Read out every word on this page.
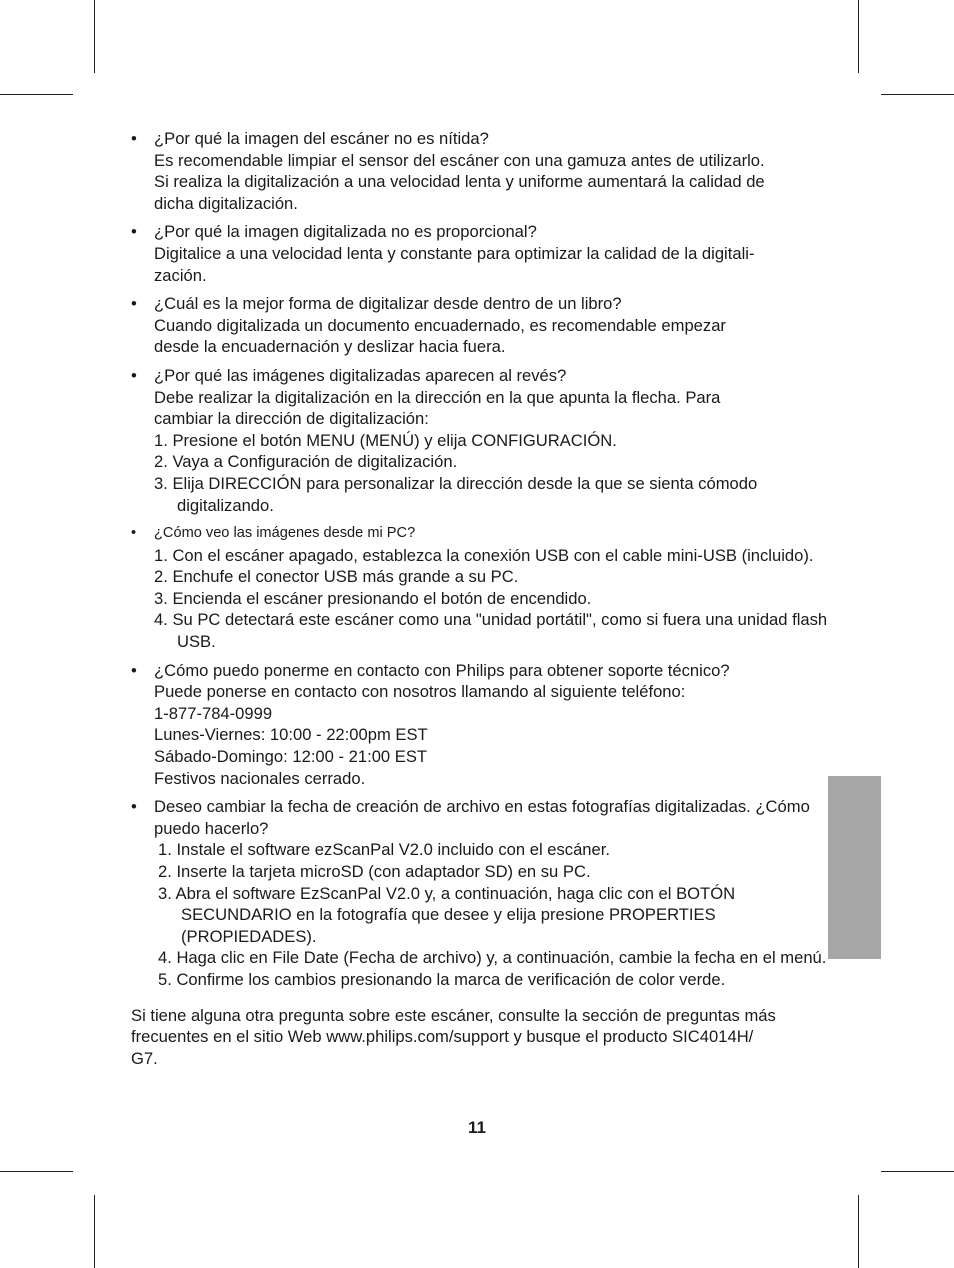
• ¿Por qué la imagen del escáner no es nítida?
Es recomendable limpiar el sensor del escáner con una gamuza antes de utilizarlo.
Si realiza la digitalización a una velocidad lenta y uniforme aumentará la calidad de
dicha digitalización.
• ¿Por qué la imagen digitalizada no es proporcional?
Digitalice a una velocidad lenta y constante para optimizar la calidad de la digitali-
zación.
• ¿Cuál es la mejor forma de digitalizar desde dentro de un libro?
Cuando digitalizada un documento encuadernado, es recomendable empezar
desde la encuadernación y deslizar hacia fuera.
• ¿Por qué las imágenes digitalizadas aparecen al revés?
Debe realizar la digitalización en la dirección en la que apunta la flecha. Para
cambiar la dirección de digitalización:
1. Presione el botón MENU (MENÚ) y elija CONFIGURACIÓN.
2. Vaya a Configuración de digitalización.
3. Elija DIRECCIÓN para personalizar la dirección desde la que se sienta cómodo digitalizando.
• ¿Cómo veo las imágenes desde mi PC?
1. Con el escáner apagado, establezca la conexión USB con el cable mini-USB (incluido).
2. Enchufe el conector USB más grande a su PC.
3. Encienda el escáner presionando el botón de encendido.
4. Su PC detectará este escáner como una "unidad portátil", como si fuera una unidad flash USB.
• ¿Cómo puedo ponerme en contacto con Philips para obtener soporte técnico?
Puede ponerse en contacto con nosotros llamando al siguiente teléfono:
1-877-784-0999
Lunes-Viernes: 10:00 - 22:00pm EST
Sábado-Domingo: 12:00 - 21:00 EST
Festivos nacionales cerrado.
• Deseo cambiar la fecha de creación de archivo en estas fotografías digitalizadas. ¿Cómo puedo hacerlo?
1. Instale el software ezScanPal V2.0 incluido con el escáner.
2. Inserte la tarjeta microSD (con adaptador SD) en su PC.
3. Abra el software EzScanPal V2.0 y, a continuación, haga clic con el BOTÓN SECUNDARIO en la fotografía que desee y elija presione PROPERTIES (PROPIEDADES).
4. Haga clic en File Date (Fecha de archivo) y, a continuación, cambie la fecha en el menú.
5. Confirme los cambios presionando la marca de verificación de color verde.
Si tiene alguna otra pregunta sobre este escáner, consulte la sección de preguntas más
frecuentes en el sitio Web www.philips.com/support y busque el producto SIC4014H/
G7.
11
